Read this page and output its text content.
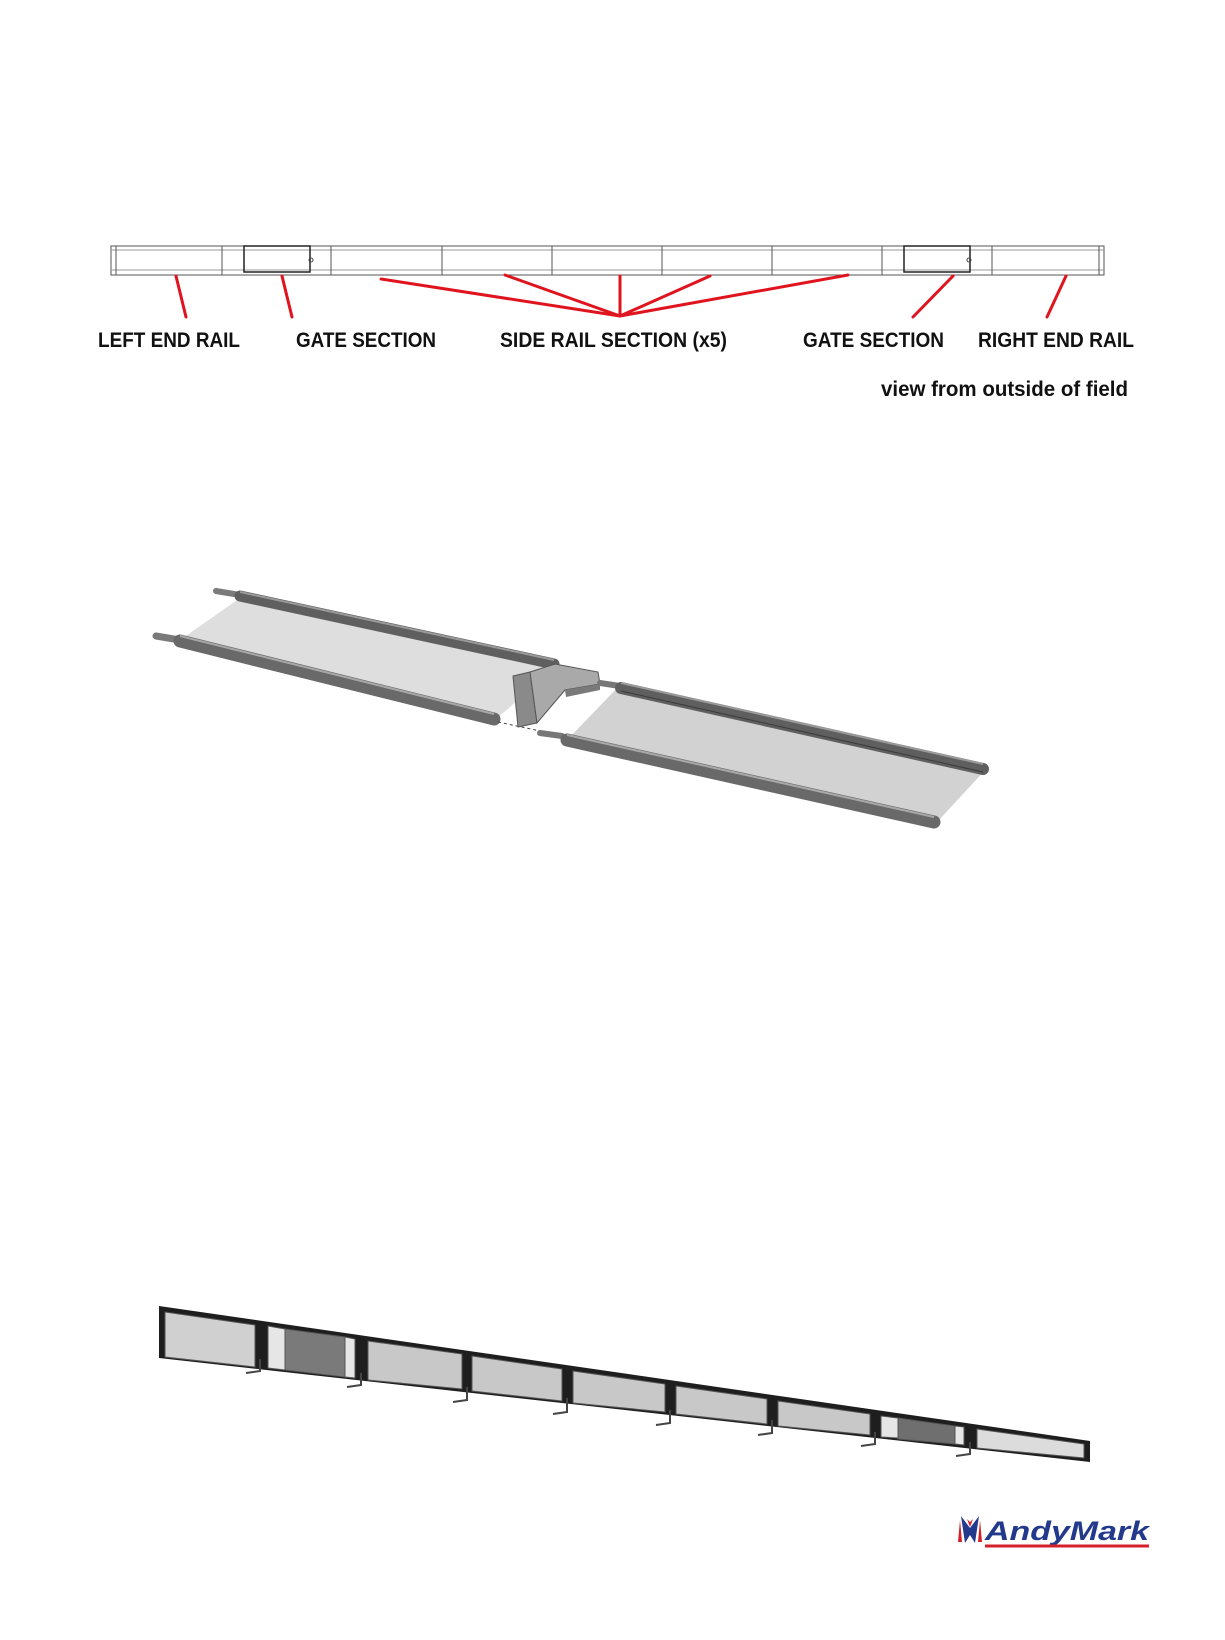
LEFT END RAIL	GATE SECTION	SIDE RAIL SECTION (x5)	GATE SECTION RIGHT END RAIL
view from outside of field
AndyMark
